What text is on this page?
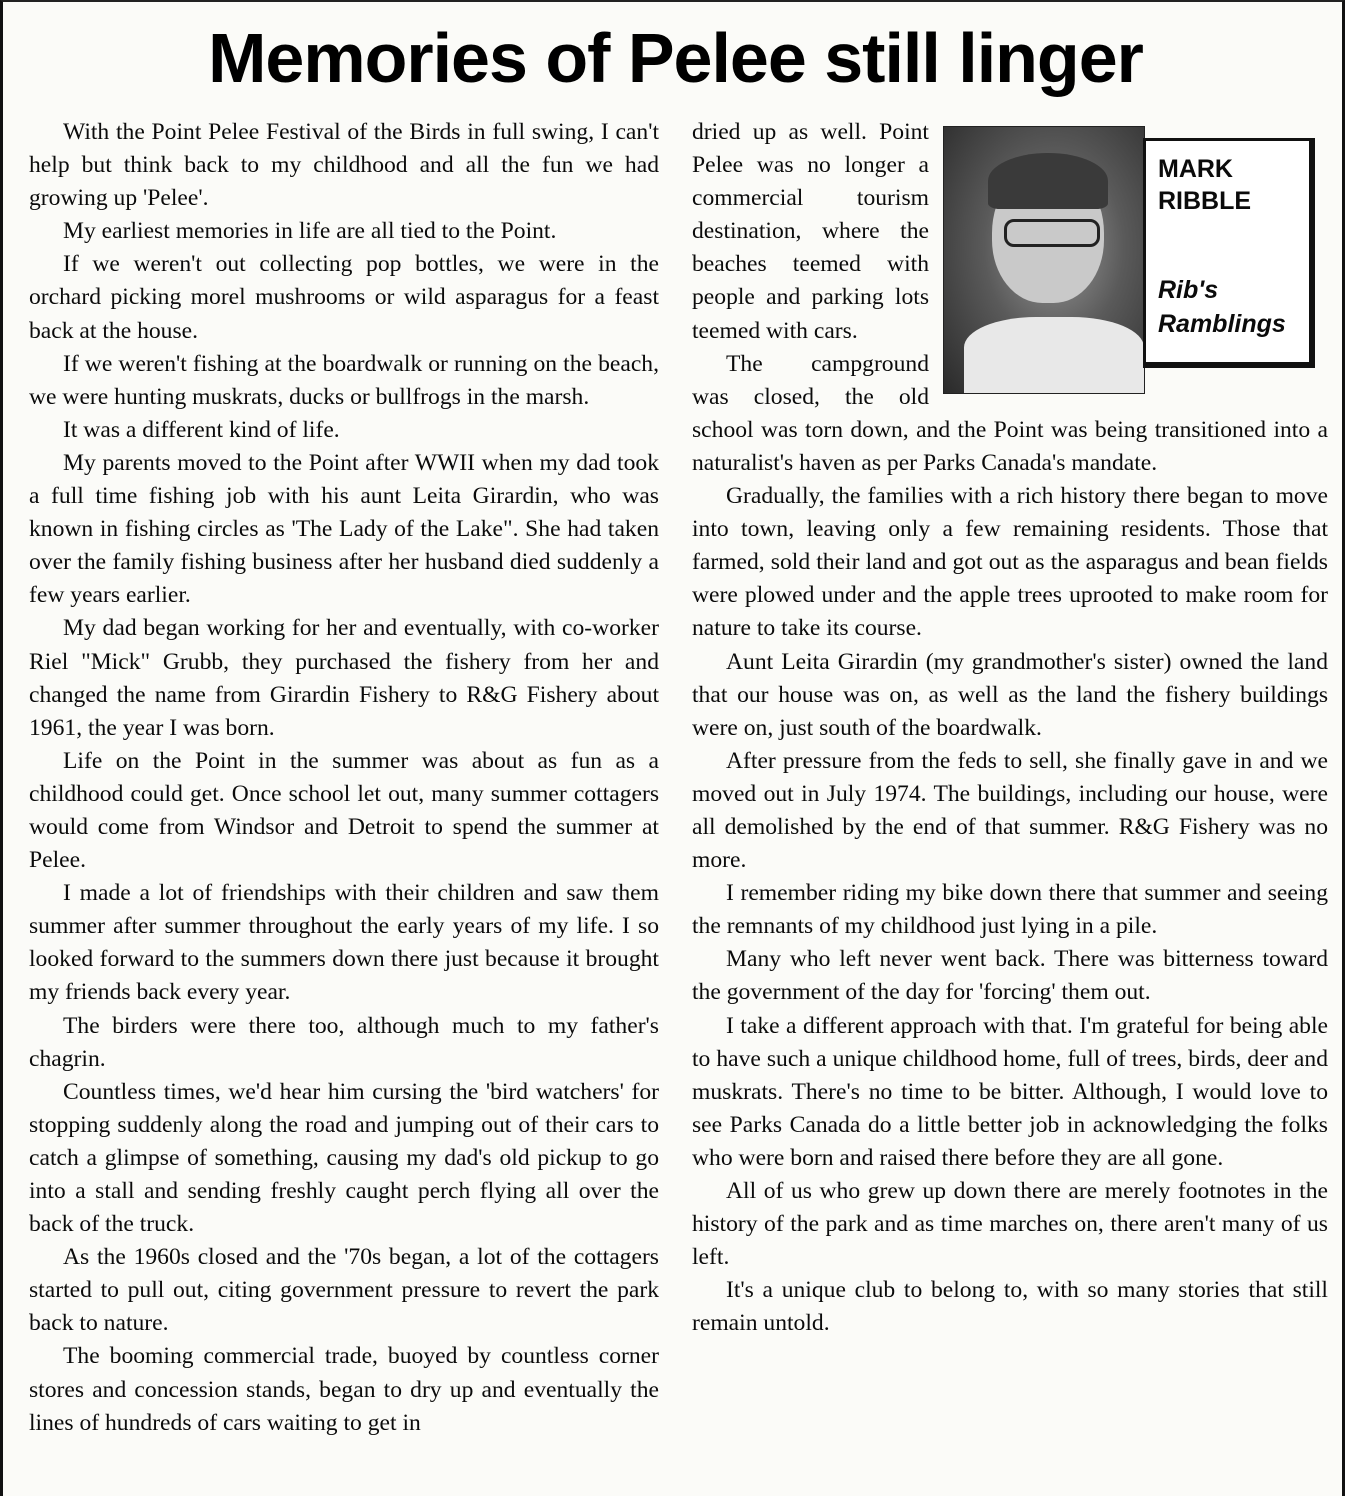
Memories of Pelee still linger

With the Point Pelee Festival of the Birds in full swing, I can't help but think back to my childhood and all the fun we had growing up 'Pelee'.

My earliest memories in life are all tied to the Point.

If we weren't out collecting pop bottles, we were in the orchard picking morel mushrooms or wild asparagus for a feast back at the house.

If we weren't fishing at the boardwalk or running on the beach, we were hunting muskrats, ducks or bullfrogs in the marsh.

It was a different kind of life.

My parents moved to the Point after WWII when my dad took a full time fishing job with his aunt Leita Girardin, who was known in fishing circles as 'The Lady of the Lake". She had taken over the family fishing business after her husband died suddenly a few years earlier.

My dad began working for her and eventually, with co-worker Riel "Mick" Grubb, they purchased the fishery from her and changed the name from Girardin Fishery to R&G Fishery about 1961, the year I was born.

Life on the Point in the summer was about as fun as a childhood could get. Once school let out, many summer cottagers would come from Windsor and Detroit to spend the summer at Pelee.

I made a lot of friendships with their children and saw them summer after summer throughout the early years of my life. I so looked forward to the summers down there just because it brought my friends back every year.

The birders were there too, although much to my father's chagrin.

Countless times, we'd hear him cursing the 'bird watchers' for stopping suddenly along the road and jumping out of their cars to catch a glimpse of something, causing my dad's old pickup to go into a stall and sending freshly caught perch flying all over the back of the truck.

As the 1960s closed and the '70s began, a lot of the cottagers started to pull out, citing government pressure to revert the park back to nature.

The booming commercial trade, buoyed by countless corner stores and concession stands, began to dry up and eventually the lines of hundreds of cars waiting to get in

MARK
RIBBLE
Rib's
Ramblings

dried up as well. Point Pelee was no longer a commercial tourism destination, where the beaches teemed with people and parking lots teemed with cars.

The campground was closed, the old school was torn down, and the Point was being transitioned into a naturalist's haven as per Parks Canada's mandate.

Gradually, the families with a rich history there began to move into town, leaving only a few remaining residents. Those that farmed, sold their land and got out as the asparagus and bean fields were plowed under and the apple trees uprooted to make room for nature to take its course.

Aunt Leita Girardin (my grandmother's sister) owned the land that our house was on, as well as the land the fishery buildings were on, just south of the boardwalk.

After pressure from the feds to sell, she finally gave in and we moved out in July 1974. The buildings, including our house, were all demolished by the end of that summer. R&G Fishery was no more.

I remember riding my bike down there that summer and seeing the remnants of my childhood just lying in a pile.

Many who left never went back. There was bitterness toward the government of the day for 'forcing' them out.

I take a different approach with that. I'm grateful for being able to have such a unique childhood home, full of trees, birds, deer and muskrats. There's no time to be bitter. Although, I would love to see Parks Canada do a little better job in acknowledging the folks who were born and raised there before they are all gone.

All of us who grew up down there are merely footnotes in the history of the park and as time marches on, there aren't many of us left.

It's a unique club to belong to, with so many stories that still remain untold.
